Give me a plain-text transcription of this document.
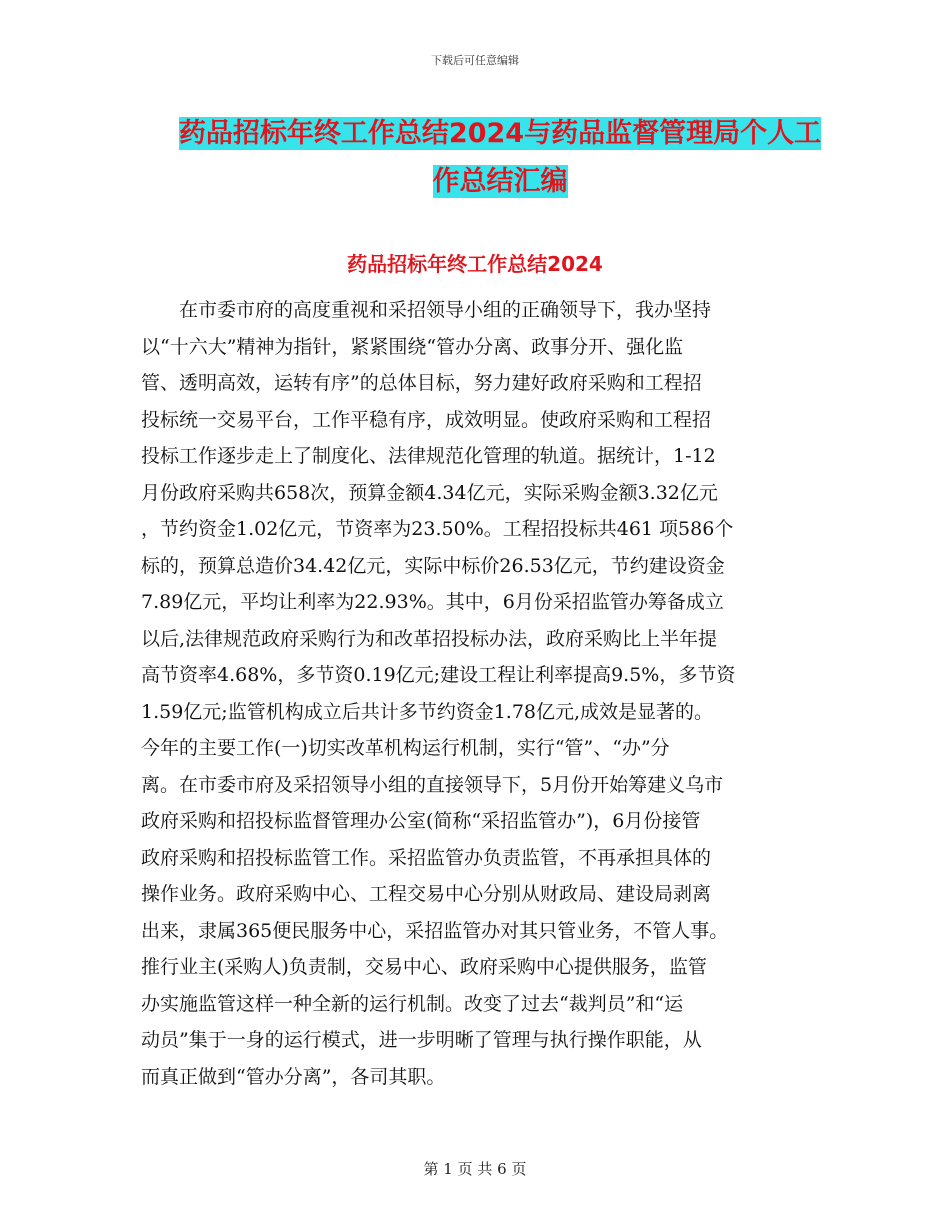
下载后可任意编辑
药品招标年终工作总结2024与药品监督管理局个人工
作总结汇编
药品招标年终工作总结2024
　　在市委市府的高度重视和采招领导小组的正确领导下，我办坚持
以“十六大”精神为指针，紧紧围绕“管办分离、政事分开、强化监
管、透明高效，运转有序”的总体目标，努力建好政府采购和工程招
投标统一交易平台，工作平稳有序，成效明显。使政府采购和工程招
投标工作逐步走上了制度化、法律规范化管理的轨道。据统计，1-12
月份政府采购共658次，预算金额4.34亿元，实际采购金额3.32亿元
，节约资金1.02亿元，节资率为23.50%。工程招投标共461 项586个
标的，预算总造价34.42亿元，实际中标价26.53亿元，节约建设资金
7.89亿元，平均让利率为22.93%。其中，6月份采招监管办筹备成立
以后,法律规范政府采购行为和改革招投标办法，政府采购比上半年提
高节资率4.68%，多节资0.19亿元;建设工程让利率提高9.5%，多节资
1.59亿元;监管机构成立后共计多节约资金1.78亿元,成效是显著的。
今年的主要工作(一)切实改革机构运行机制，实行“管”、“办”分
离。在市委市府及采招领导小组的直接领导下，5月份开始筹建义乌市
政府采购和招投标监督管理办公室(简称“采招监管办”)，6月份接管
政府采购和招投标监管工作。采招监管办负责监管，不再承担具体的
操作业务。政府采购中心、工程交易中心分别从财政局、建设局剥离
出来，隶属365便民服务中心，采招监管办对其只管业务，不管人事。
推行业主(采购人)负责制，交易中心、政府采购中心提供服务，监管
办实施监管这样一种全新的运行机制。改变了过去“裁判员”和“运
动员”集于一身的运行模式，进一步明晰了管理与执行操作职能，从
而真正做到“管办分离”，各司其职。
第 1 页 共 6 页
